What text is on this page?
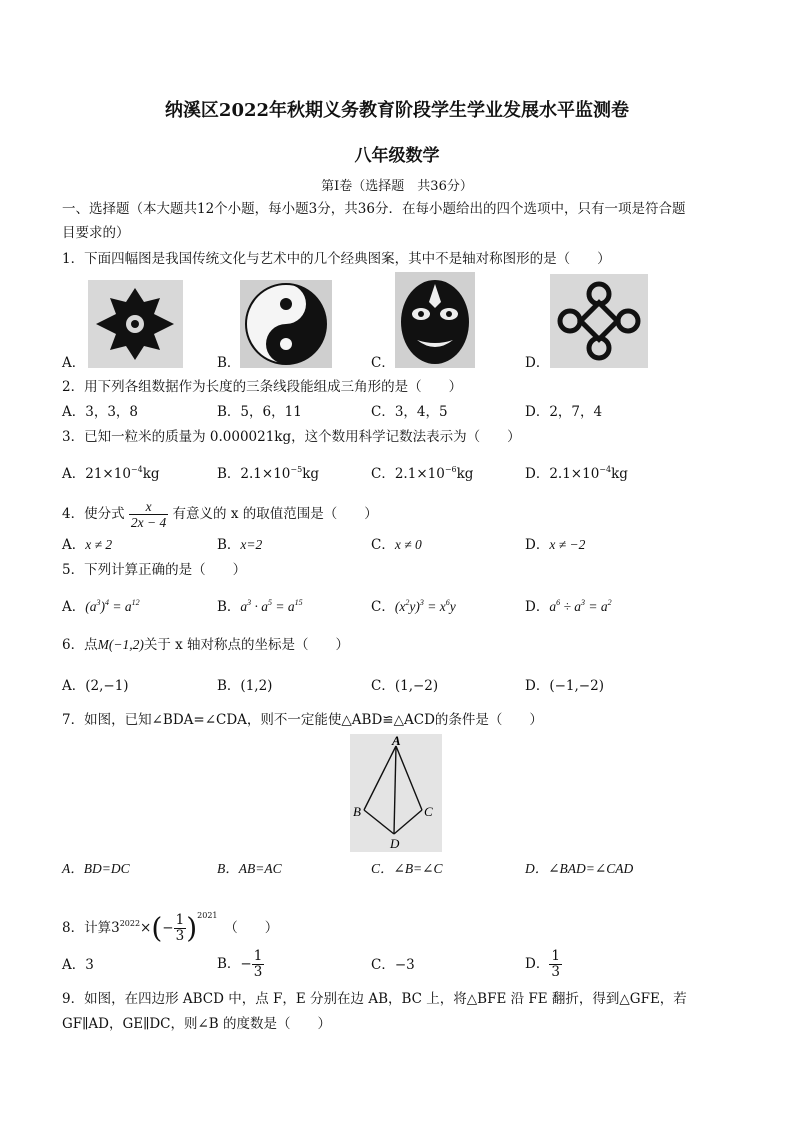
纳溪区2022年秋期义务教育阶段学生学业发展水平监测卷
八年级数学
第Ⅰ卷（选择题　共36分）
一、选择题（本大题共12个小题，每小题3分，共36分．在每小题给出的四个选项中，只有一项是符合题
目要求的）
1．下面四幅图是我国传统文化与艺术中的几个经典图案，其中不是轴对称图形的是（　　）
A．	B．	C．	D．
2．用下列各组数据作为长度的三条线段能组成三角形的是（　　）
A．3，3，8	B．5，6，11	C．3，4，5	D．2，7，4
3．已知一粒米的质量为 0.000021kg，这个数用科学记数法表示为（　　）
A．$21\times 10^{-4}kg$	B．$2.1\times 10^{-5}kg$	C．$2.1\times 10^{-6}kg$	D．$2.1\times 10^{-4}kg$
4．使分式 $\frac{x}{2x - 4}$ 有意义的 x 的取值范围是（　　）
A．x ≠ 2	B．x=2	C．x ≠ 0	D．x ≠ −2
5．下列计算正确的是（　　）
A．$(a^3)^4 = a^{12}$	B．$a^3 \cdot a^5 = a^{15}$	C．$(x^2y)^3 = x^6y$	D．$a^6 \div a^3 = a^2$
6．点M(−1,2)关于 x 轴对称点的坐标是（　　）
A．(2,−1)	B．(1,2)	C．(1,−2)	D．(−1,−2)
7．如图，已知∠BDA=∠CDA，则不一定能使△ABD≌△ACD的条件是（　　）
A
B	C
D
A．BD=DC	B．AB=AC	C．∠B=∠C	D．∠BAD=∠CAD
8．计算$3^{2022}\times(- \frac{1}{3} )^{2021}$　（　　）
A．3	B．− $\frac{1}{3}$	C．−3	D． $\frac{1}{3}$
9．如图，在四边形 ABCD 中，点 F，E 分别在边 AB，BC 上，将△BFE 沿 FE 翻折，得到△GFE，若
GF∥AD，GE∥DC，则∠B 的度数是（　　）
